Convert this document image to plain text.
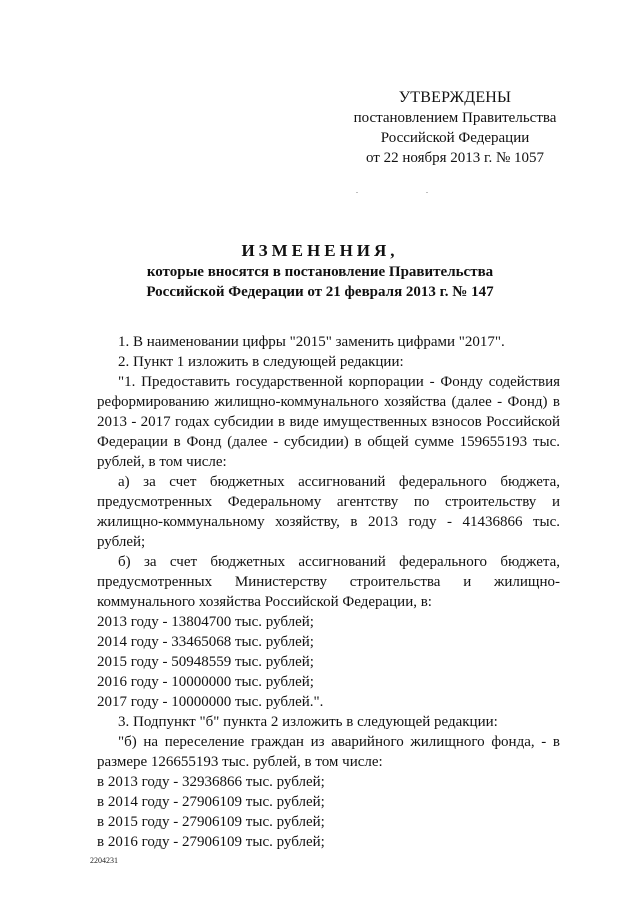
УТВЕРЖДЕНЫ
постановлением Правительства
Российской Федерации
от 22 ноября 2013 г. № 1057
.	.
ИЗМЕНЕНИЯ,
которые вносятся в постановление Правительства
Российской Федерации от 21 февраля 2013 г. № 147

1. В наименовании цифры "2015" заменить цифрами "2017".

2. Пункт 1 изложить в следующей редакции:

"1. Предоставить государственной корпорации - Фонду содействия реформированию жилищно-коммунального хозяйства (далее - Фонд) в 2013 - 2017 годах субсидии в виде имущественных взносов Российской Федерации в Фонд (далее - субсидии) в общей сумме 159655193 тыс. рублей, в том числе:

а) за счет бюджетных ассигнований федерального бюджета, предусмотренных Федеральному агентству по строительству и жилищно-коммунальному хозяйству, в 2013 году - 41436866 тыс. рублей;

б) за счет бюджетных ассигнований федерального бюджета, предусмотренных Министерству строительства и жилищно-коммунального хозяйства Российской Федерации, в:

2013 году - 13804700 тыс. рублей;

2014 году - 33465068 тыс. рублей;

2015 году - 50948559 тыс. рублей;

2016 году - 10000000 тыс. рублей;

2017 году - 10000000 тыс. рублей.".

3. Подпункт "б" пункта 2 изложить в следующей редакции:

"б) на переселение граждан из аварийного жилищного фонда, - в размере 126655193 тыс. рублей, в том числе:

в 2013 году - 32936866 тыс. рублей;

в 2014 году - 27906109 тыс. рублей;

в 2015 году - 27906109 тыс. рублей;

в 2016 году - 27906109 тыс. рублей;

2204231
